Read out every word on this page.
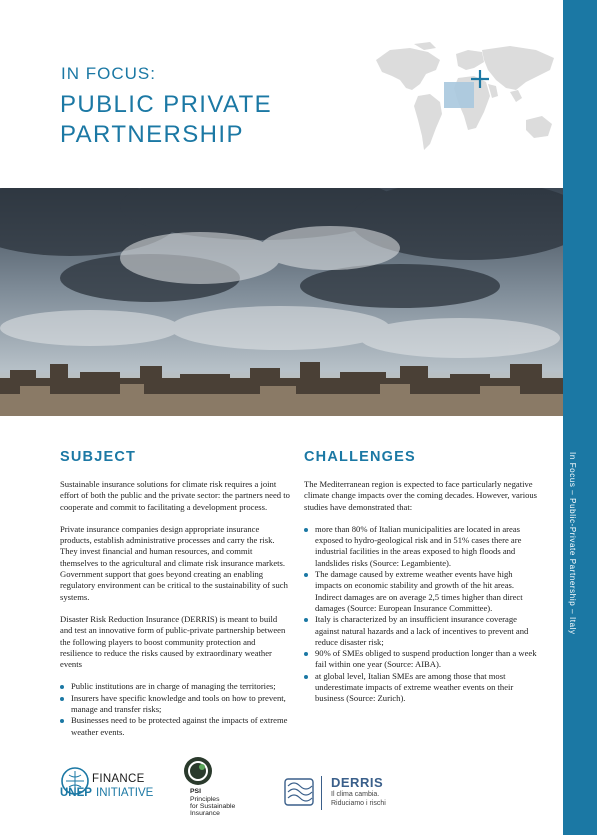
In Focus – Public-Private Partnership – Italy
IN FOCUS:
PUBLIC PRIVATE PARTNERSHIP
SUBJECT

Sustainable insurance solutions for climate risk requires a joint effort of both the public and the private sector: the partners need to cooperate and commit to facilitating a development process.

Private insurance companies design appropriate insurance products, establish administrative processes and carry the risk. They invest financial and human resources, and commit themselves to the agricultural and climate risk insurance markets. Government support that goes beyond creating an enabling regulatory environment can be critical to the sustainability of such systems.

Disaster Risk Reduction Insurance (DERRIS) is meant to build and test an innovative form of public-private partnership between the following players to boost community protection and resilience to reduce the risks caused by extraordinary weather events

Public institutions are in charge of managing the territories;
Insurers have specific knowledge and tools on how to prevent, manage and transfer risks;
Businesses need to be protected against the impacts of extreme weather events.
CHALLENGES

The Mediterranean region is expected to face particularly negative climate change impacts over the coming decades. However, various studies have demonstrated that:

more than 80% of Italian municipalities are located in areas exposed to hydro-geological risk and in 51% cases there are industrial facilities in the areas exposed to high floods and landslides risks (Source: Legambiente).
The damage caused by extreme weather events have high impacts on economic stability and growth of the hit areas. Indirect damages are on average 2,5 times higher than direct damages (Source: European Insurance Committee).
Italy is characterized by an insufficient insurance coverage against natural hazards and a lack of incentives to prevent and reduce disaster risk;
90% of SMEs obliged to suspend production longer than a week fail within one year (Source: AIBA).
at global level, Italian SMEs are among those that most underestimate impacts of extreme weather events on their business (Source: Zurich).
FINANCE
UNEP INITIATIVE	PSI
Principles
for Sustainable
Insurance
DERRIS
Il clima cambia.
Riduciamo i rischi
